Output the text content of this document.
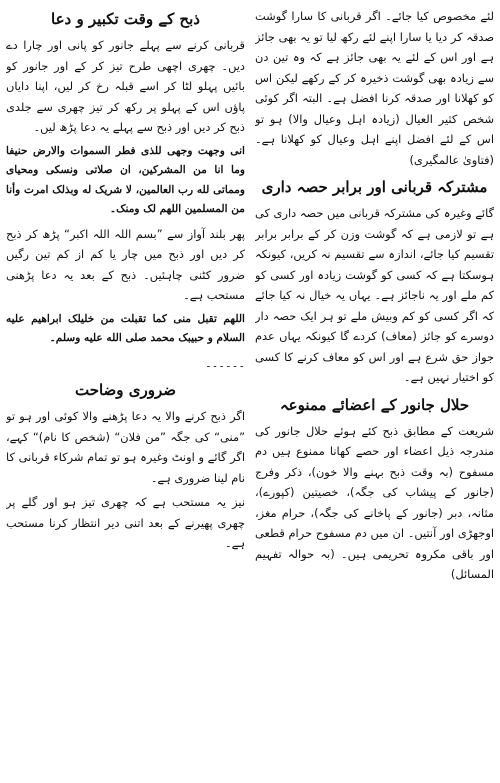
ذبح کے وقت تکبیر و دعا

قربانی کرنے سے پہلے جانور کو پانی اور چارا دے دیں۔ چھری اچھی طرح تیز کر کے اور جانور کو بائیں پہلو لٹا کر اسے قبلہ رخ کر لیں، اپنا دایاں پاؤں اس کے پہلو پر رکھ کر تیز چھری سے جلدی ذبح کر دیں اور ذبح سے پہلے یہ دعا پڑھ لیں۔

انی وجهت وجهی للذی فطر السموات والارض حنیفا وما انا من المشرکین، ان صلاتی ونسکی ومحیای ومماتی لله رب العالمین، لا شریک له وبذلک امرت وأنا من المسلمین اللهم لک ومنک۔

پھر بلند آواز سے ”بسم اللہ اللہ اکبر“ پڑھ کر ذبح کر دیں اور ذبح میں چار یا کم از کم تین رگیں ضرور کٹنی چاہئیں۔ ذبح کے بعد یہ دعا پڑھنی مستحب ہے۔

اللهم تقبل منی کما تقبلت من خلیلک ابراهیم علیه السلام و حبیبک محمد صلی الله علیه وسلم۔

۔۔۔۔۔۔

ضروری وضاحت

اگر ذبح کرنے والا یہ دعا پڑھنے والا کوئی اور ہو تو ”منی“ کی جگہ ”من فلان“ (شخص کا نام)“ کہے، اگر گائے و اونٹ وغیرہ ہو تو تمام شرکاء قربانی کا نام لینا ضروری ہے۔

نیز یہ مستحب ہے کہ چھری تیز ہو اور گلے پر چھری پھیرنے کے بعد اتنی دیر انتظار کرنا مستحب ہے۔

لئے مخصوص کیا جائے۔ اگر قربانی کا سارا گوشت صدقہ کر دیا یا سارا اپنے لئے رکھ لیا تو یہ بھی جائز ہے اور اس کے لئے یہ بھی جائز ہے کہ وہ تین دن سے زیادہ بھی گوشت ذخیرہ کر کے رکھے لیکن اس کو کھلانا اور صدقہ کرنا افضل ہے۔ البتہ اگر کوئی شخص کثیر العیال (زیادہ اہل وعیال والا) ہو تو اس کے لئے افضل اپنے اہل وعیال کو کھلانا ہے۔ (فتاویٰ عالمگیری)

مشترکہ قربانی اور برابر حصہ داری

گائے وغیرہ کی مشترکہ قربانی میں حصہ داری کی ہے تو لازمی ہے کہ گوشت وزن کر کے برابر برابر تقسیم کیا جائے، اندازہ سے تقسیم نہ کریں، کیونکہ ہوسکتا ہے کہ کسی کو گوشت زیادہ اور کسی کو کم ملے اور یہ ناجائز ہے۔ یہاں یہ خیال نہ کیا جائے کہ اگر کسی کو کم وبیش ملے تو ہر ایک حصہ دار دوسرے کو جائز (معاف) کردے گا کیونکہ یہاں عدم جواز حق شرع ہے اور اس کو معاف کرنے کا کسی کو اختیار نہیں ہے۔

حلال جانور کے اعضائے ممنوعہ

شریعت کے مطابق ذبح کئے ہوئے حلال جانور کی مندرجہ ذیل اعضاء اور حصے کھانا ممنوع ہیں دم مسفوح (بہ وقت ذبح بہنے والا خون)، ذکر وفرج (جانور کے پیشاب کی جگہ)، خصیتین (کپورے)، مثانہ، دبر (جانور کے پاخانے کی جگہ)، حرام مغز، اوجھڑی اور آنتیں۔ ان میں دم مسفوح حرام قطعی اور باقی مکروہ تحریمی ہیں۔ (بہ حوالہ تفہیم المسائل)
